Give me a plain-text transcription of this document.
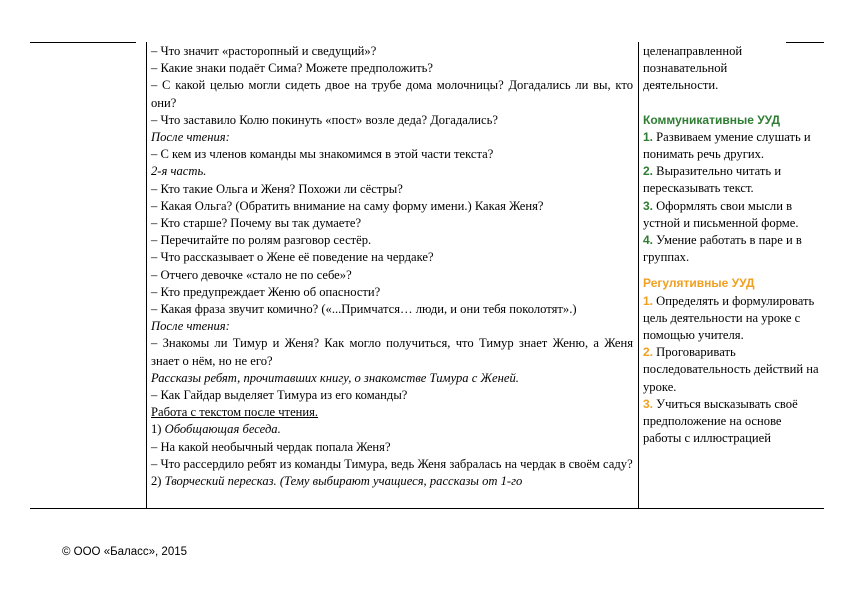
– Что значит «расторопный и сведущий»?
– Какие знаки подаёт Сима? Можете предположить?
– С какой целью могли сидеть двое на трубе дома молочницы? Догадались ли вы, кто они?
– Что заставило Колю покинуть «пост» возле деда? Догадались?
После чтения:
– С кем из членов команды мы знакомимся в этой части текста?
2-я часть.
– Кто такие Ольга и Женя? Похожи ли сёстры?
– Какая Ольга? (Обратить внимание на саму форму имени.) Какая Женя?
– Кто старше? Почему вы так думаете?
– Перечитайте по ролям разговор сестёр.
– Что рассказывает о Жене её поведение на чердаке?
– Отчего девочке «стало не по себе»?
– Кто предупреждает Женю об опасности?
– Какая фраза звучит комично? («...Примчатся… люди, и они тебя поколотят».)
После чтения:
– Знакомы ли Тимур и Женя? Как могло получиться, что Тимур знает Женю, а Женя знает о нём, но не его?
Рассказы ребят, прочитавших книгу, о знакомстве Тимура с Женей.
– Как Гайдар выделяет Тимура из его команды?
Работа с текстом после чтения.
1) Обобщающая беседа.
– На какой необычный чердак попала Женя?
– Что рассердило ребят из команды Тимура, ведь Женя забралась на чердак в своём саду?
2) Творческий пересказ. (Тему выбирают учащиеся, рассказы от 1-го
целенаправленной
познавательной
деятельности.
Коммуникативные УУД
1. Развиваем умение слушать и понимать речь других.
2. Выразительно читать и пересказывать текст.
3. Оформлять свои мысли в устной и письменной форме.
4. Умение работать в паре и в группах.
Регулятивные УУД
1. Определять и формулировать цель деятельности на уроке с помощью учителя.
2. Проговаривать последовательность действий на уроке.
3. Учиться высказывать своё предположение на основе работы с иллюстрацией
© ООО «Баласс», 2015
